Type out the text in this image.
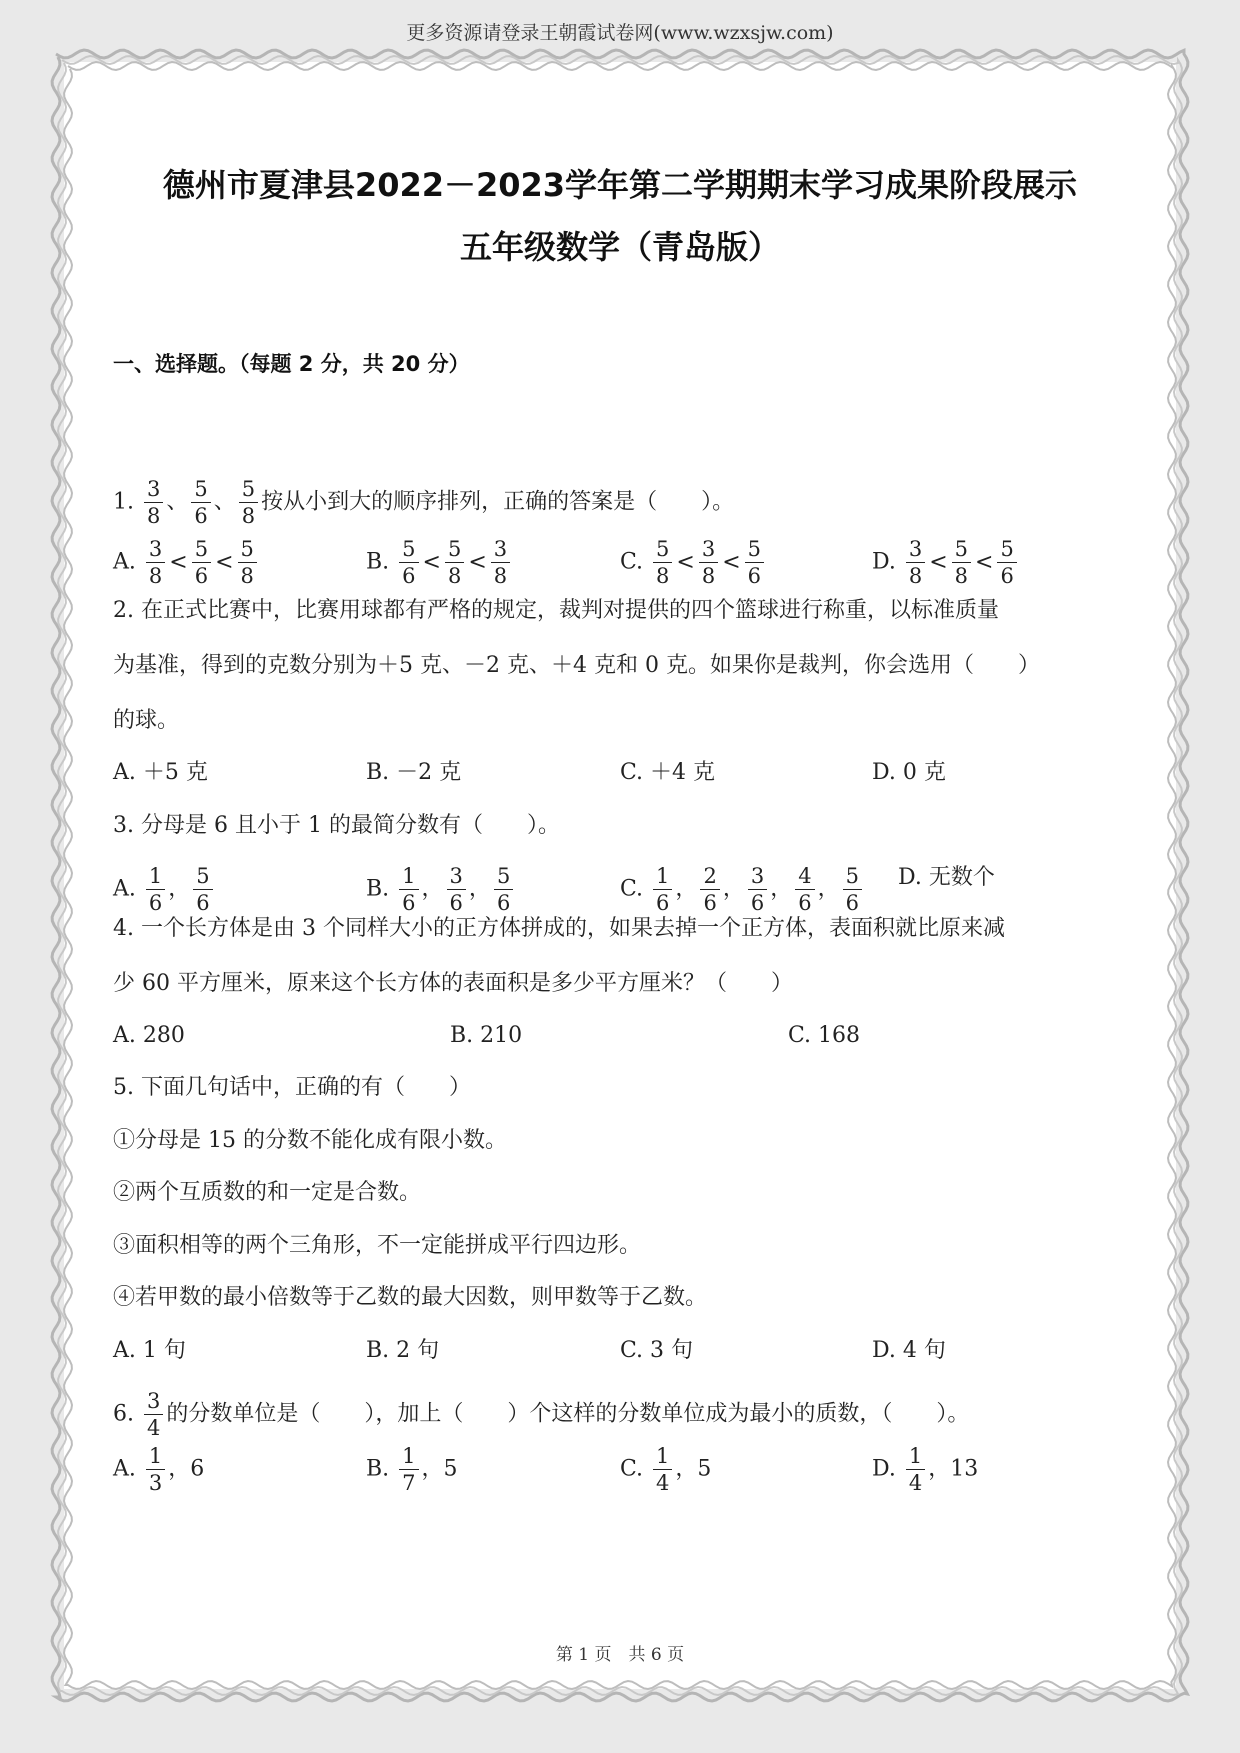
更多资源请登录王朝霞试卷网(www.wzxsjw.com)
德州市夏津县2022－2023学年第二学期期末学习成果阶段展示
五年级数学（青岛版）
一、选择题。（每题 2 分，共 20 分）
1. $\frac{3}{8}$ 、 $\frac{5}{6}$ 、 $\frac{5}{8}$ 按从小到大的顺序排列，正确的答案是（　　）。
A. $\frac{3}{8} < \frac{5}{6} < \frac{5}{8}$	B. $\frac{5}{6} < \frac{5}{8} < \frac{3}{8}$	C. $\frac{5}{8} < \frac{3}{8} < \frac{5}{6}$	D. $\frac{3}{8} < \frac{5}{8} < \frac{5}{6}$
2. 在正式比赛中，比赛用球都有严格的规定，裁判对提供的四个篮球进行称重，以标准质量
为基准，得到的克数分别为＋5 克、－2 克、＋4 克和 0 克。如果你是裁判，你会选用（　　）
的球。
A. ＋5 克	B. －2 克	C. ＋4 克	D. 0 克
3. 分母是 6 且小于 1 的最简分数有（　　）。
A. $\frac{1}{6}$ ， $\frac{5}{6}$	B. $\frac{1}{6}$ ， $\frac{3}{6}$ ， $\frac{5}{6}$	C. $\frac{1}{6}$ ， $\frac{2}{6}$ ， $\frac{3}{6}$ ， $\frac{4}{6}$ ， $\frac{5}{6} D$. 无数个
4. 一个长方体是由 3 个同样大小的正方体拼成的，如果去掉一个正方体，表面积就比原来减
少 60 平方厘米，原来这个长方体的表面积是多少平方厘米？（　　）
A. 280	B. 210	C. 168
5. 下面几句话中，正确的有（　　）
①分母是 15 的分数不能化成有限小数。
②两个互质数的和一定是合数。
③面积相等的两个三角形，不一定能拼成平行四边形。
④若甲数的最小倍数等于乙数的最大因数，则甲数等于乙数。
A. 1 句	B. 2 句	C. 3 句	D. 4 句
6. $\frac{3}{4}$ 的分数单位是（　　），加上（　　）个这样的分数单位成为最小的质数，（　　）。
A. $\frac{1}{3}$ ，6	B. $\frac{1}{7}$ ，5	C. $\frac{1}{4}$ ，5	D. $\frac{1}{4}$ ，13
第 1 页　共 6 页
